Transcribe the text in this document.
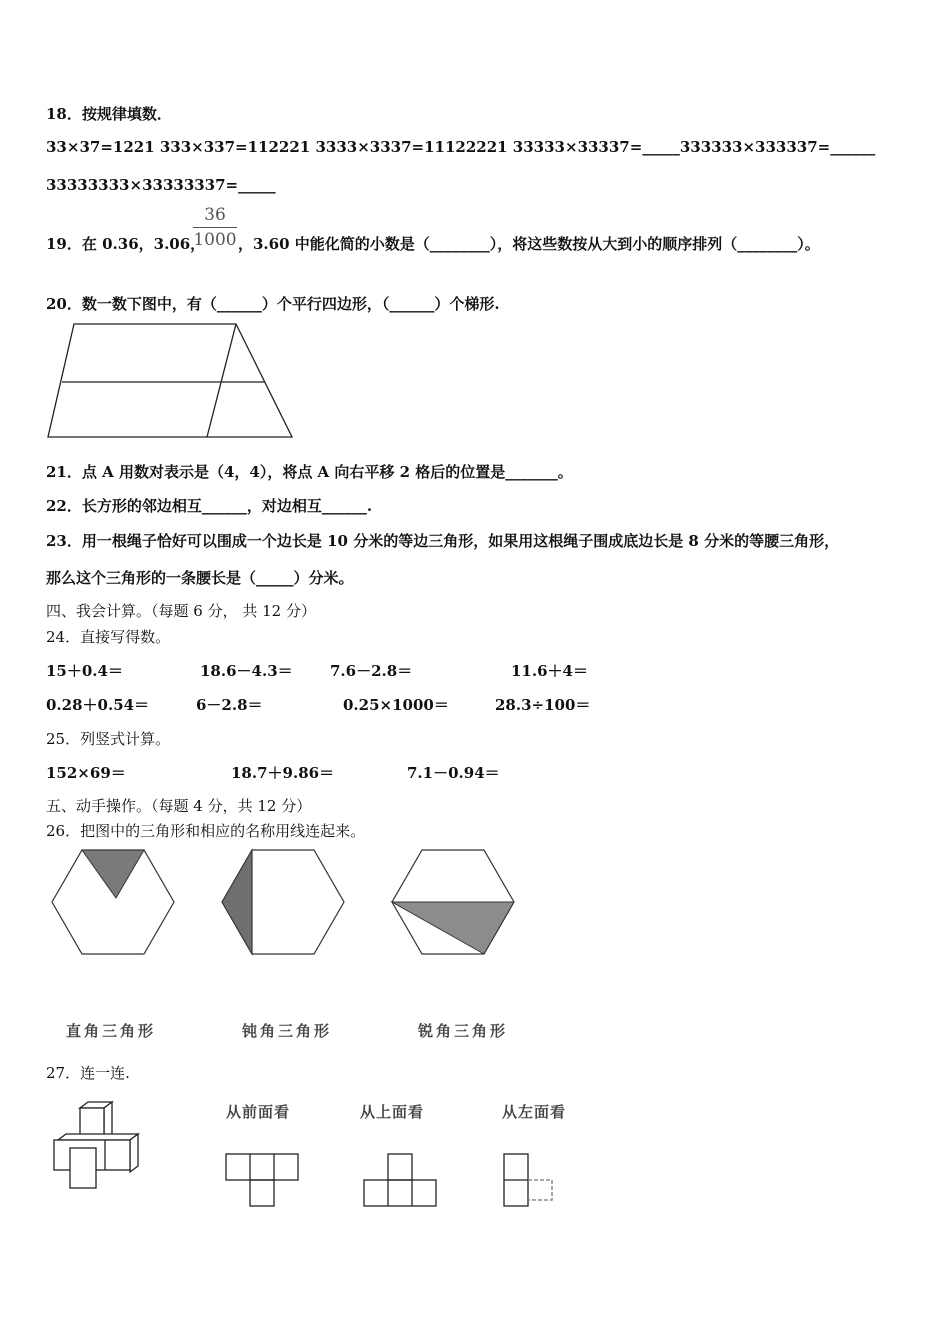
18．按规律填数．
33×37=1221 333×337=112221 3333×3337=11122221 33333×33337=_____333333×333337=______
33333333×33333337=_____
19．在 0.36，3.06，
$\frac{36}{1000}$ ，3.60 中能化简的小数是（________），将这些数按从大到小的顺序排列（________）。
20．数一数下图中，有（______）个平行四边形，（______）个梯形.
21．点 A 用数对表示是（4，4），将点 A 向右平移 2 格后的位置是_______。
22．长方形的邻边相互______，对边相互______.
23．用一根绳子恰好可以围成一个边长是 10 分米的等边三角形，如果用这根绳子围成底边长是 8 分米的等腰三角形，
那么这个三角形的一条腰长是（_____）分米。
四、我会计算。（每题 6 分， 共 12 分）
24．直接写得数。
15＋0.4＝	18.6－4.3＝ 7.6－2.8＝	11.6＋4＝
0.28＋0.54＝	6－2.8＝	0.25×1000＝	28.3÷100＝
25．列竖式计算。
152×69＝	18.7＋9.86＝	7.1－0.94＝
五、动手操作。（每题 4 分，共 12 分）
26．把图中的三角形和相应的名称用线连起来。
直角三角形	钝角三角形	锐角三角形
27．连一连.
从前面看	从上面看	从左面看
